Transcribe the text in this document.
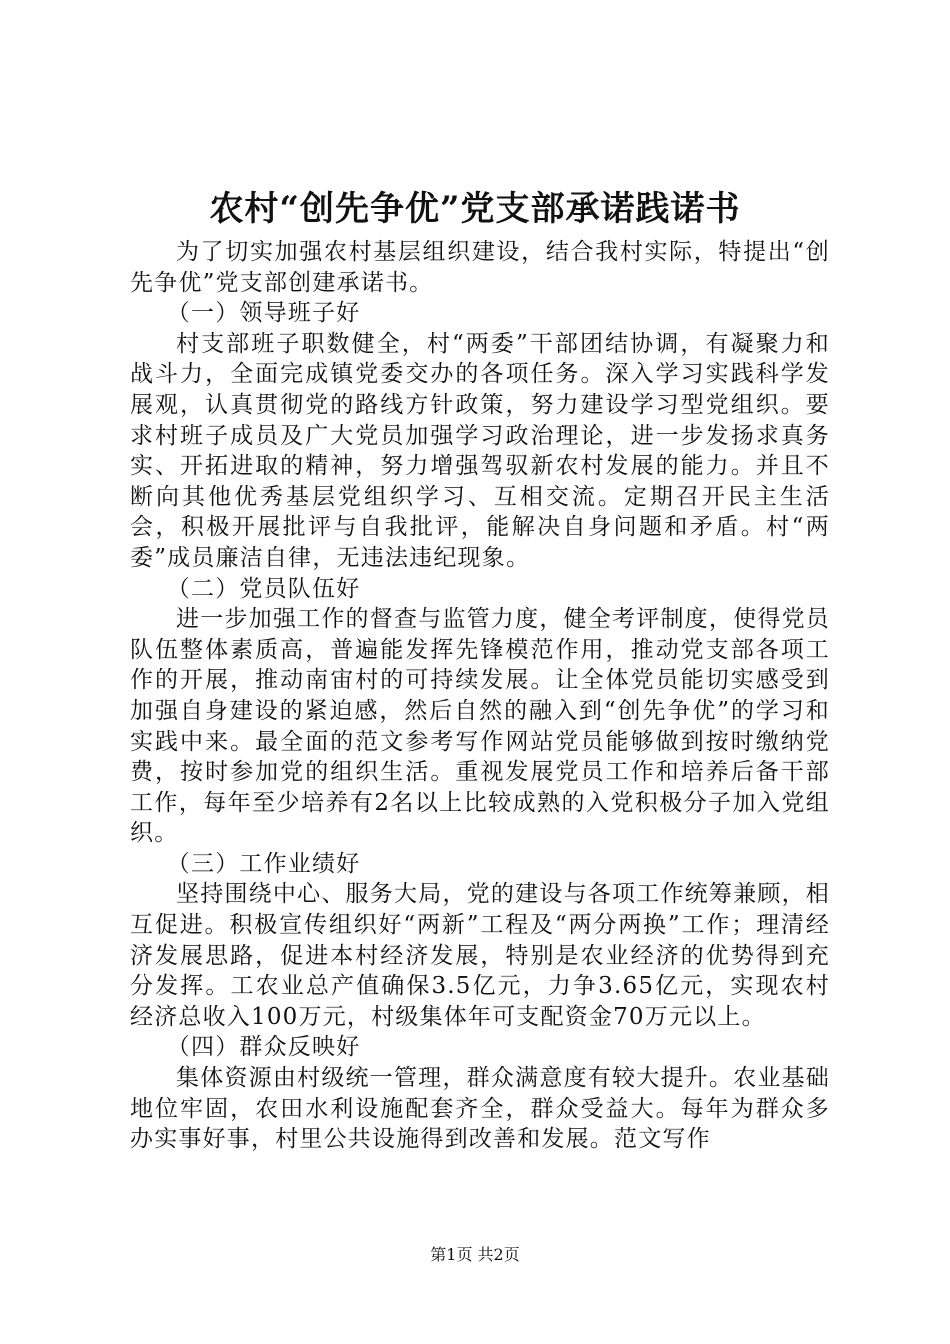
农村“创先争优”党支部承诺践诺书

为了切实加强农村基层组织建设，结合我村实际，特提出“创先争优”党支部创建承诺书。

（一）领导班子好

村支部班子职数健全，村“两委”干部团结协调，有凝聚力和战斗力，全面完成镇党委交办的各项任务。深入学习实践科学发展观，认真贯彻党的路线方针政策，努力建设学习型党组织。要求村班子成员及广大党员加强学习政治理论，进一步发扬求真务实、开拓进取的精神，努力增强驾驭新农村发展的能力。并且不断向其他优秀基层党组织学习、互相交流。定期召开民主生活会，积极开展批评与自我批评，能解决自身问题和矛盾。村“两委”成员廉洁自律，无违法违纪现象。

（二）党员队伍好

进一步加强工作的督查与监管力度，健全考评制度，使得党员队伍整体素质高，普遍能发挥先锋模范作用，推动党支部各项工作的开展，推动南宙村的可持续发展。让全体党员能切实感受到加强自身建设的紧迫感，然后自然的融入到“创先争优”的学习和实践中来。最全面的范文参考写作网站党员能够做到按时缴纳党费，按时参加党的组织生活。重视发展党员工作和培养后备干部工作，每年至少培养有2名以上比较成熟的入党积极分子加入党组织。

（三）工作业绩好

坚持围绕中心、服务大局，党的建设与各项工作统筹兼顾，相互促进。积极宣传组织好“两新”工程及“两分两换”工作；理清经济发展思路，促进本村经济发展，特别是农业经济的优势得到充分发挥。工农业总产值确保3.5亿元，力争3.65亿元，实现农村经济总收入100万元，村级集体年可支配资金70万元以上。

（四）群众反映好

集体资源由村级统一管理，群众满意度有较大提升。农业基础地位牢固，农田水利设施配套齐全，群众受益大。每年为群众多办实事好事，村里公共设施得到改善和发展。范文写作

第1页 共2页
